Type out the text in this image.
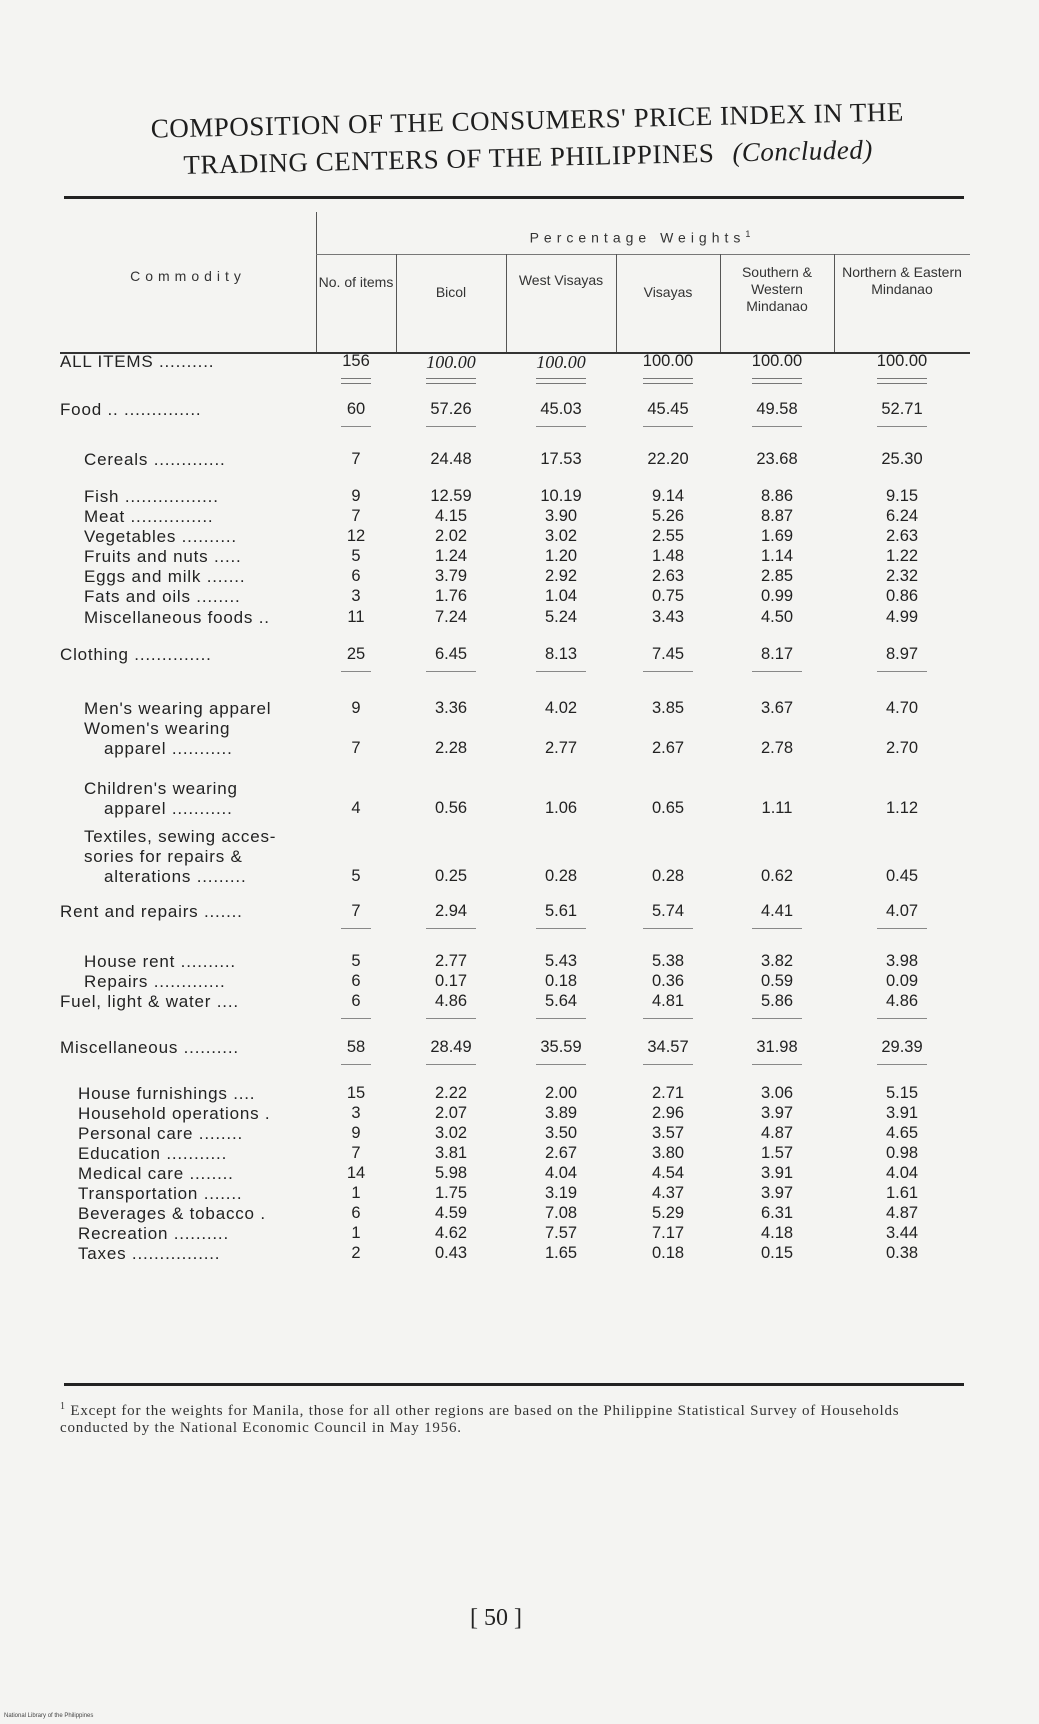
COMPOSITION OF THE CONSUMERS' PRICE INDEX IN THE
TRADING CENTERS OF THE PHILIPPINES (Concluded)
Commodity
Percentage Weights$^1$
No. of items
Bicol
West Visayas
Visayas
Southern & Western Mindanao
Northern & Eastern Mindanao
ALL ITEMS ..........	156	100.00	100.00	100.00	100.00	100.00
Food .. ..............	60	57.26	45.03	45.45	49.58	52.71
Cereals .............	7	24.48	17.53	22.20	23.68	25.30
Fish .................	9	12.59	10.19	9.14	8.86	9.15
Meat ...............	7	4.15	3.90	5.26	8.87	6.24
Vegetables ..........	12	2.02	3.02	2.55	1.69	2.63
Fruits and nuts .....	5	1.24	1.20	1.48	1.14	1.22
Eggs and milk .......	6	3.79	2.92	2.63	2.85	2.32
Fats and oils ........	3	1.76	1.04	0.75	0.99	0.86
Miscellaneous foods ..	11	7.24	5.24	3.43	4.50	4.99
Clothing ..............	25	6.45	8.13	7.45	8.17	8.97
Men's wearing apparel	9	3.36	4.02	3.85	3.67	4.70
Women's wearing
apparel ...........	7	2.28	2.77	2.67	2.78	2.70
Children's wearing
apparel ...........	4	0.56	1.06	0.65	1.11	1.12
Textiles, sewing acces-
sories for repairs &
alterations .........	5	0.25	0.28	0.28	0.62	0.45
Rent and repairs .......	7	2.94	5.61	5.74	4.41	4.07
House rent ..........	5	2.77	5.43	5.38	3.82	3.98
Repairs .............	6	0.17	0.18	0.36	0.59	0.09
Fuel, light & water ....	6	4.86	5.64	4.81	5.86	4.86
Miscellaneous ..........	58	28.49	35.59	34.57	31.98	29.39
House furnishings ....	15	2.22	2.00	2.71	3.06	5.15
Household operations .	3	2.07	3.89	2.96	3.97	3.91
Personal care ........	9	3.02	3.50	3.57	4.87	4.65
Education ...........	7	3.81	2.67	3.80	1.57	0.98
Medical care ........	14	5.98	4.04	4.54	3.91	4.04
Transportation .......	1	1.75	3.19	4.37	3.97	1.61
Beverages & tobacco .	6	4.59	7.08	5.29	6.31	4.87
Recreation ..........	1	4.62	7.57	7.17	4.18	3.44
Taxes ................	2	0.43	1.65	0.18	0.15	0.38
$^1$ Except for the weights for Manila, those for all other regions are based on the Philippine Statistical Survey of Households conducted by the National Economic Council in May 1956.
[ 50 ]
National Library of the Philippines
